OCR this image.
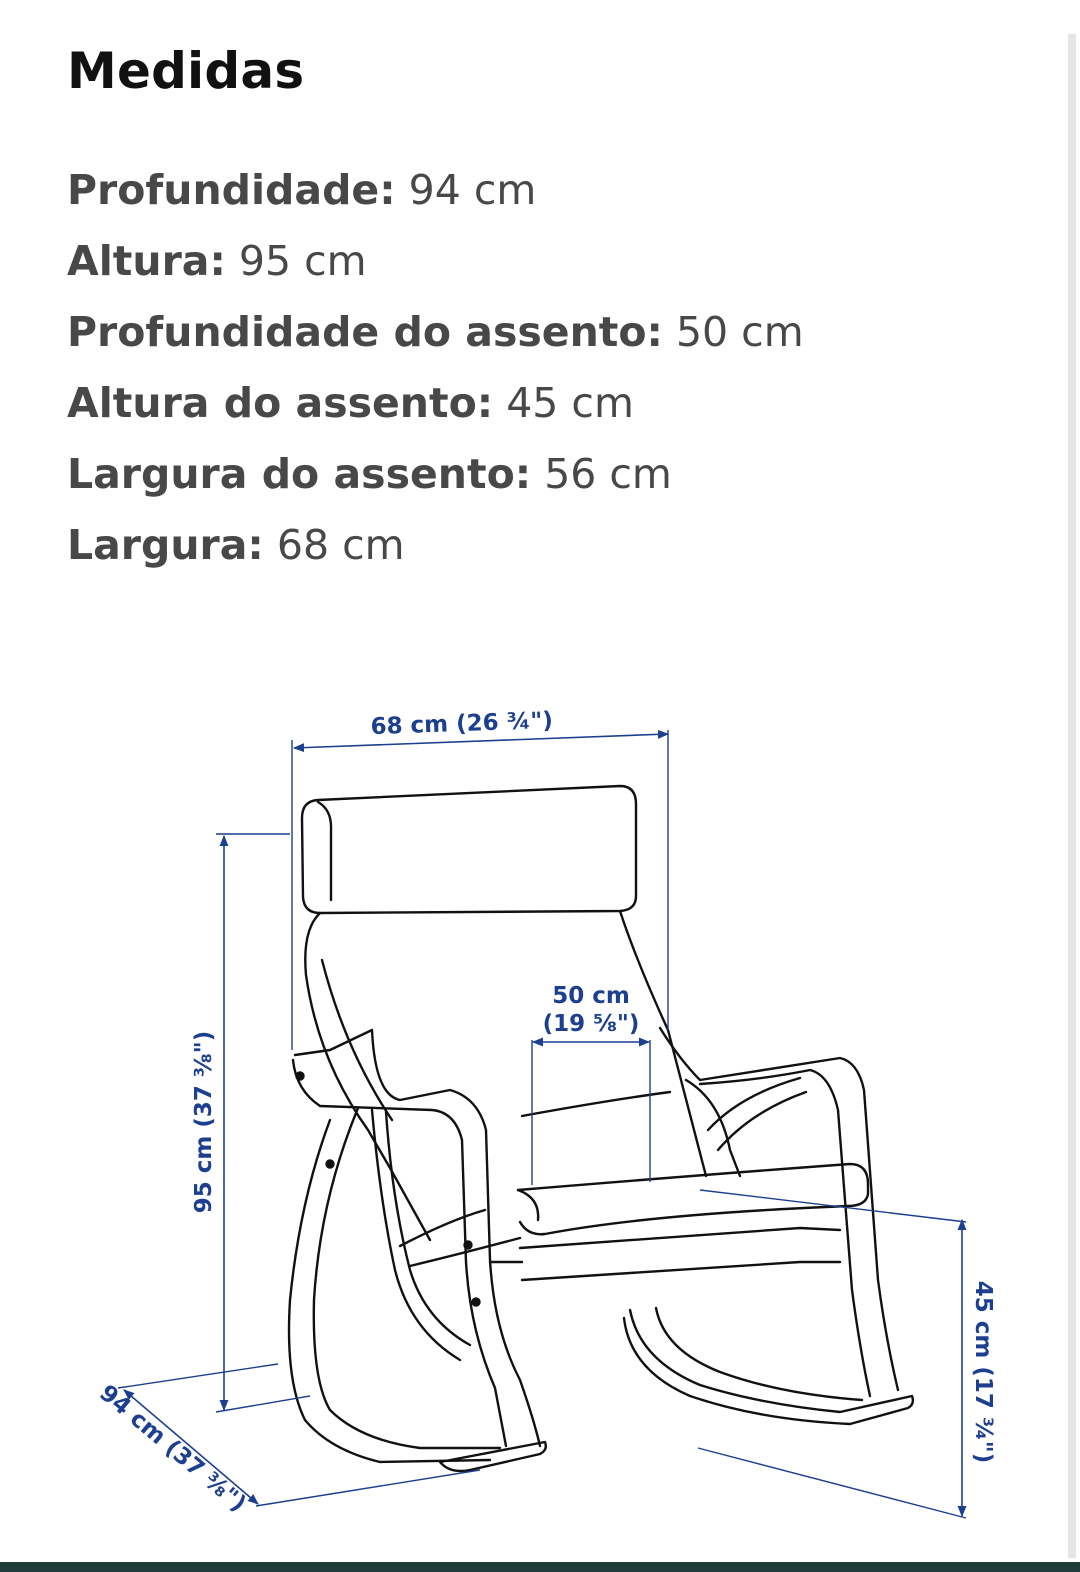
Medidas
Profundidade: 94 cm
Altura: 95 cm
Profundidade do assento: 50 cm
Altura do assento: 45 cm
Largura do assento: 56 cm
Largura: 68 cm
68 cm (26 ¾")
95 cm (37 ⅜")
50 cm
(19 ⅝")
45 cm (17 ¾")
94 cm (37 ⅜")
